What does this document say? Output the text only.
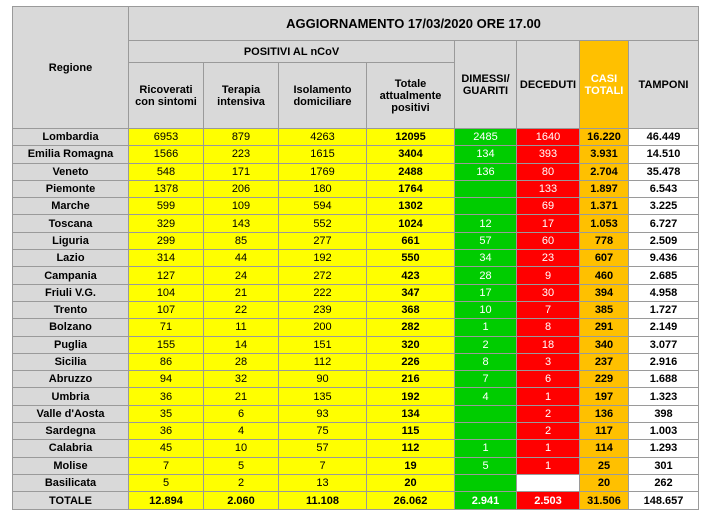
Regione	AGGIORNAMENTO 17/03/2020 ORE 17.00							
	POSITIVI AL nCoV				DIMESSI/ GUARITI	DECEDUTI	CASI TOTALI	TAMPONI
	Ricoverati con sintomi	Terapia intensiva	Isolamento domiciliare	Totale attualmente positivi				
Lombardia	6953	879	4263	12095	2485	1640	16.220	46.449
Emilia Romagna	1566	223	1615	3404	134	393	3.931	14.510
Veneto	548	171	1769	2488	136	80	2.704	35.478
Piemonte	1378	206	180	1764		133	1.897	6.543
Marche	599	109	594	1302		69	1.371	3.225
Toscana	329	143	552	1024	12	17	1.053	6.727
Liguria	299	85	277	661	57	60	778	2.509
Lazio	314	44	192	550	34	23	607	9.436
Campania	127	24	272	423	28	9	460	2.685
Friuli V.G.	104	21	222	347	17	30	394	4.958
Trento	107	22	239	368	10	7	385	1.727
Bolzano	71	11	200	282	1	8	291	2.149
Puglia	155	14	151	320	2	18	340	3.077
Sicilia	86	28	112	226	8	3	237	2.916
Abruzzo	94	32	90	216	7	6	229	1.688
Umbria	36	21	135	192	4	1	197	1.323
Valle d'Aosta	35	6	93	134		2	136	398
Sardegna	36	4	75	115		2	117	1.003
Calabria	45	10	57	112	1	1	114	1.293
Molise	7	5	7	19	5	1	25	301
Basilicata	5	2	13	20			20	262
TOTALE	12.894	2.060	11.108	26.062	2.941	2.503	31.506	148.657
